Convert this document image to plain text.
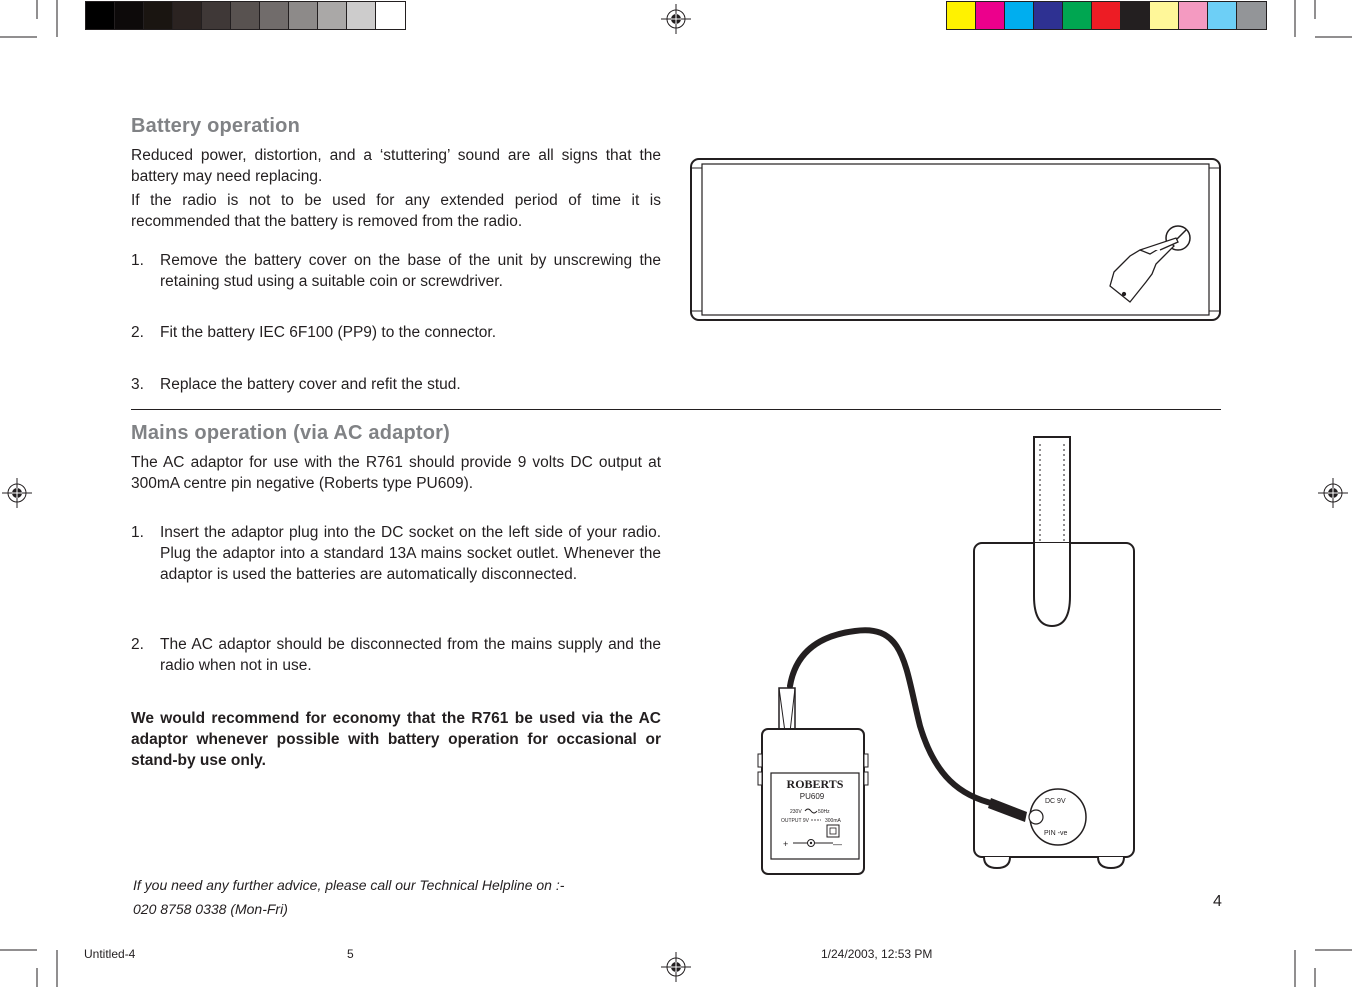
Battery operation

Reduced power, distortion, and a ‘stuttering’ sound are all signs that the battery may need replacing.

If the radio is not to be used for any extended period of time it is recommended that the battery is removed from the radio.

1. Remove the battery cover on the base of the unit by unscrewing the retaining stud using a suitable coin or screwdriver.
2. Fit the battery IEC 6F100 (PP9) to the connector.
3. Replace the battery cover and refit the stud.
Mains operation (via AC adaptor)

The AC adaptor for use with the R761 should provide 9 volts DC output at 300mA centre pin negative (Roberts type PU609).

1. Insert the adaptor plug into the DC socket on the left side of your radio. Plug the adaptor into a standard 13A mains socket outlet. Whenever the adaptor is used the batteries are automatically disconnected.
2. The AC adaptor should be disconnected from the mains supply and the radio when not in use.
We would recommend for economy that the R761 be used via the AC adaptor whenever possible with battery operation for occasional or stand-by use only.
DC 9V
PIN -ve
ROBERTS
PU609
230V	50Hz
OUTPUT 9V	300mA
+	—
If you need any further advice, please call our Technical Helpline on :-
020 8758 0338 (Mon-Fri)	4
Untitled-4	5	1/24/2003, 12:53 PM
